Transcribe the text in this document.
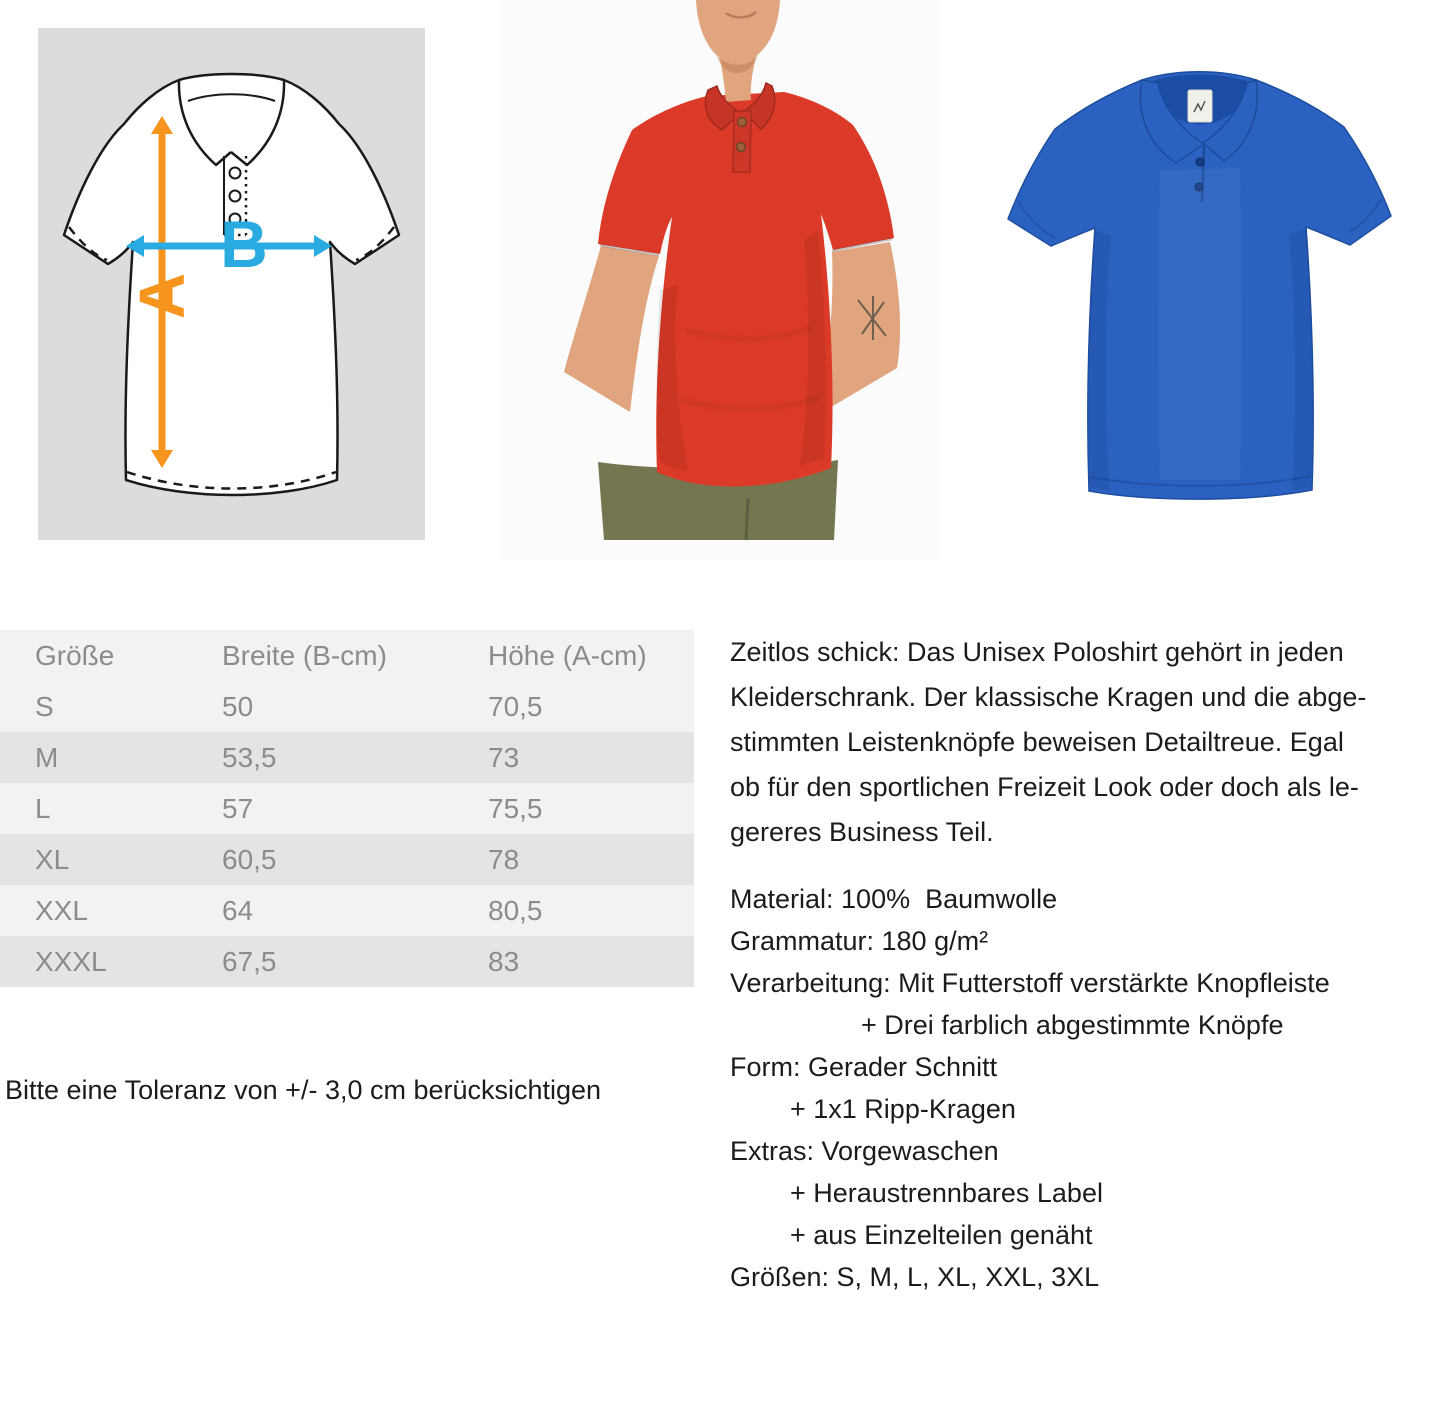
A
B
Größe	Breite (B-cm)	Höhe (A-cm)
S	50	70,5
M	53,5	73
L	57	75,5
XL	60,5	78
XXL	64	80,5
XXXL	67,5	83

Bitte eine Toleranz von +/- 3,0 cm berücksichtigen

Zeitlos schick: Das Unisex Poloshirt gehört in jeden
Kleiderschrank. Der klassische Kragen und die abge-
stimmten Leistenknöpfe beweisen Detailtreue. Egal
ob für den sportlichen Freizeit Look oder doch als le-
gereres Business Teil.
Material: 100%  Baumwolle
Grammatur: 180 g/m²
Verarbeitung: Mit Futterstoff verstärkte Knopfleiste
+ Drei farblich abgestimmte Knöpfe
Form: Gerader Schnitt
+ 1x1 Ripp-Kragen
Extras: Vorgewaschen
+ Heraustrennbares Label
+ aus Einzelteilen genäht
Größen: S, M, L, XL, XXL, 3XL
